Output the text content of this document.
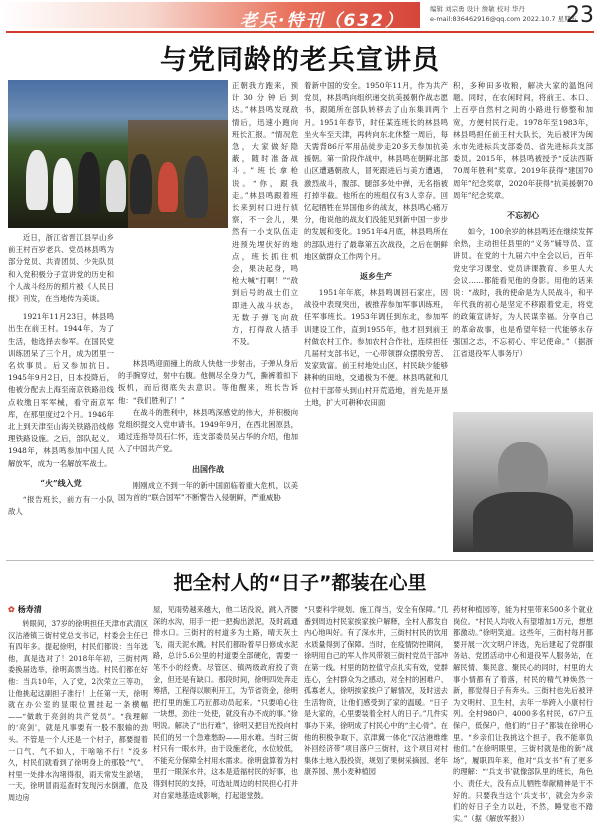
老兵·特刊（632）
编辑 刘宗勇 设计 詹敏 校对 华丹
e-mail:836462916@qq.com 2022.10.7 星期五
23
与党同龄的老兵宣讲员

近日，浙江省晋江县早山乡前王村百岁老兵、党员林县鸣为部分党员、共青团员、少先队员和入党积极分子宣讲党的历史和个人战斗经历的照片被《人民日报》刊发，在当地传为美谈。

1921年11月23日，林县鸣出生在前王村。1944年，为了生活，他选择去参军。在国民党训练团呆了三个月，成为团里一名炊事员。后又参加抗日。1945年9月2日，日本投降后，他被分配去上海至南京铁路沿线点收缴日军军械，看守南京军库，在那里度过2个月。1946年北上到天津至山海关铁路沿线修理铁路设施。之后，部队起义。1948年，林县鸣参加中国人民解放军，成为一名解放军战士。

“火”线入党

“报告班长，前方有一小队敌人

正朝我方跑来，预计30分钟后到达。”林县鸣发现敌情后，迅速小跑向班长汇报。“情况危急，大家做好隐蔽，随时准备战斗。”班长拿枪说。“你，跟我走。”林县鸣跟着班长来到村口进行侦察，不一会儿，果然有一小支队伍走进预先埋伏好的地点，班长抓住机会，果决起身，鸣枪大喊“打啊！”“敌到后号的战士们立即进入战斗状态，无数子弹飞向敌方，打得敌人措手不及。

林县鸣迎面撞上的敌人快他一步射击，子弹从身后的手腕穿过，射中右腹。他侧尽全身力气，撕裤着扣下扳机，而后彻底失去意识。等他醒来，班长告诉他：“我们胜利了！”

在战斗的胜利中，林县鸣深感党的伟大，并积极向党组织提交入党申请书。1949年9月，在西北困原县，通过连指导员石仁怀，连支部委员吴占华的介绍，他加入了中国共产党。

出国作战

刚刚成立不到一年的新中国面临着重大危机，以美国为首的“联合国军”不断警告入侵朝鲜，严重威胁

着新中国的安全。1950年11月，作为共产党员，林县鸣向组织递交抗美援朝作战志愿书，跟随所在部队转移去了山东集训两个月。1951年春节，时任某连班长的林县鸣坐火车至天津，再转向东北休整一周后，每天需背86斤军用品徒步走20多天参加抗美援朝。第一阶段作战中，林县鸣在朝鲜北部山区遭遇朝敌人，冒死跟进后与美方遭遇，激烈战斗，腹部、腿部多处中弹，无名指被打掉半截。他所在的班组仅有3人幸存。回忆起牺牲在异国他乡的战友，林县鸣心痛万分，他说他的战友们没能见到新中国一步步的发展和变化。1951年4月底，林县鸣所在的部队进行了最靠第五次战役，之后在朝鲜地区做群众工作两个月。

返乡生产

1951年年底，林县鸣调回石家庄，因战役中表现突出，被推荐参加军事训练班，任军事班长。1953年调任到东北，参加军训建设工作，直到1955年，他才回到前王村做农村工作。参加农村合作社，连续担任几届村支部书记，一心带领群众摆脱穷苦、发家致富。前王村地处山区，村民缺少能够耕种的田地，交通极为不便。林县鸣就和几位村干部带头到山村开荒造地，首先是开垦土地，扩大可耕种农田面

积，多种田多收粮，解决大家的温饱问题。同时，在农闲时间，将前王、本口、上百亭自然村之间的小路进行修整和加宽，方便村民行走。1978年至1983年，林县鸣担任前王村大队长，先后被评为闽永市先进标兵支部委员、省先进标兵支部委员。2015年，林县鸣被授予“反法西斯70周年胜利”奖章。2019年获得“建国70周年”纪念奖章，2020年获得“抗美援朝70周年”纪念奖章。

不忘初心

如今，100余岁的林县鸣还在继续发挥余热，主动担任县里的“义务”辅导员、宣讲员。在党的十九届六中全会以后，百年党史学习课堂、党员讲课教育、乡里人大会议……都能看见他的身影。用他的话来说：“战时，我的使命是为人民战斗，和平年代我的初心是坚定不移跟着党走，将党的政策宣讲好，为人民谋幸福。分享自己的革命故事，也是希望年轻一代能够永存强国之志，不忘初心、牢记使命。”（据浙江省退役军人事务厅）

把全村人的“日子”都装在心里
✿ 杨寿清

转眼间，37岁的徐明担任天津市武清区汉沽港镇三街村党总支书记，村委会主任已有四年多。提起徐明，村民们都说：当年选他，真是选对了！2018年年初，三街村两委换届选举，徐明高票当选。村民们都在好他：当兵10年，入了党，2次荣立三等功，让他挑起这副担子准行！上任第一天，徐明就在办公室的显眼位置挂起一条横幅——“做敢于亮剑的共产党员”。“我理解的‘亮剑’，就是凡事要有一股不服输的劲头。不管是一个人还是一个村子，都要提着一口气、气不如人，干啥啥不行！”没多久，村民们就看到了徐明身上的那股“气”。村里一处排水沟堵得很，雨天常发生淤堵，一天，徐明冒雨巡查时发现污水倒灌，危及周边房

屋，见雨势越来越大，他二话没说，跳入齐腰深的水沟，用手一把一把掏出淤泥，及时疏通排水口。三街村的村道多为土路，晴天灰土飞，雨天泥水溅。村民们都盼着早日修成水泥路，总计5.6公里的村道要全部硬化，需要一笔不小的经费。尽管区、镇两级政府投了资金，但还是有缺口。那段时间，徐明四处奔走筹措，工程得以顺利开工，为节省资金，徐明把打里的施工巧匠都动员起来。“只要咱心往一块想，劲往一处使，就没有办不成的事。”徐明说。解决了“出行难”，徐明又把目光投向村民们的另一个急难愁盼——用水难。当时三街村只有一眼水井，由于设施老化，水位较低，不能充分保障全村用水需求。徐明盘算着为村里打一眼深水井，这本是造福村民的好事，也得到村民的支持，可选址周边的村民担心打井对自家地基造成影响，打起退堂鼓。

“只要科学规划、施工得当，安全有保障。”几番到周边村民家挨家挨户解释，全村人都发自内心地叫好。有了深水井，三街村村民的饮用水质量得到了保障。当时，在疫情防控期间，徐明用自己的军人作风带领三街村党员干部冲在第一线。村里的防控值守点扎实有效，党群连心，全村群众为之感动，对全村的困难户、孤寡老人，徐明挨家挨户了解情况，及时送去生活物资，让他们感受到了家的温暖。“日子是大家的，心里要装着全村人的日子。”几件实事办下来，徐明成了村民心中的“主心骨”。在他的积极争取下，京津冀一体化“汉沽港维维补回经济带”项目落户三街村，这个项目对村集体土地入股投资，规划了果树采摘园、老年康养园、黑小麦种植园

药材种植园等，能为村里带来500多个就业岗位。“村民人均收入有望增加1万元，想想都激动。”徐明笑道。这些年，三街村每月都要开展一次文明户评选，先后建起了党群服务站、党团活动中心和退役军人服务站，在解民情、集民意、聚民心的同时，村里的大事小情都有了着落，村民的精气神焕然一新，都觉得日子有奔头。三街村也先后被评为文明村、卫生村，去年一举跨入小康村行列。全村980户、4000多名村民，67户五保户，低保户，他们的“日子”都装在徐明心里。“乡亲们让我挑这个担子，我不能辜负他们。”在徐明眼里，三街村就是他的新“战场”，履职四年来，他对“兵支书”有了更多的理解：“‘兵支书’就像部队里的班长，角色小、责任大，没有点儿牺牲奉献精神是干不好的。只要我当这个‘兵支书’，就会为乡亲们的好日子全力以赴，不然，睡觉也不踏实。”（据《解放军报》）
